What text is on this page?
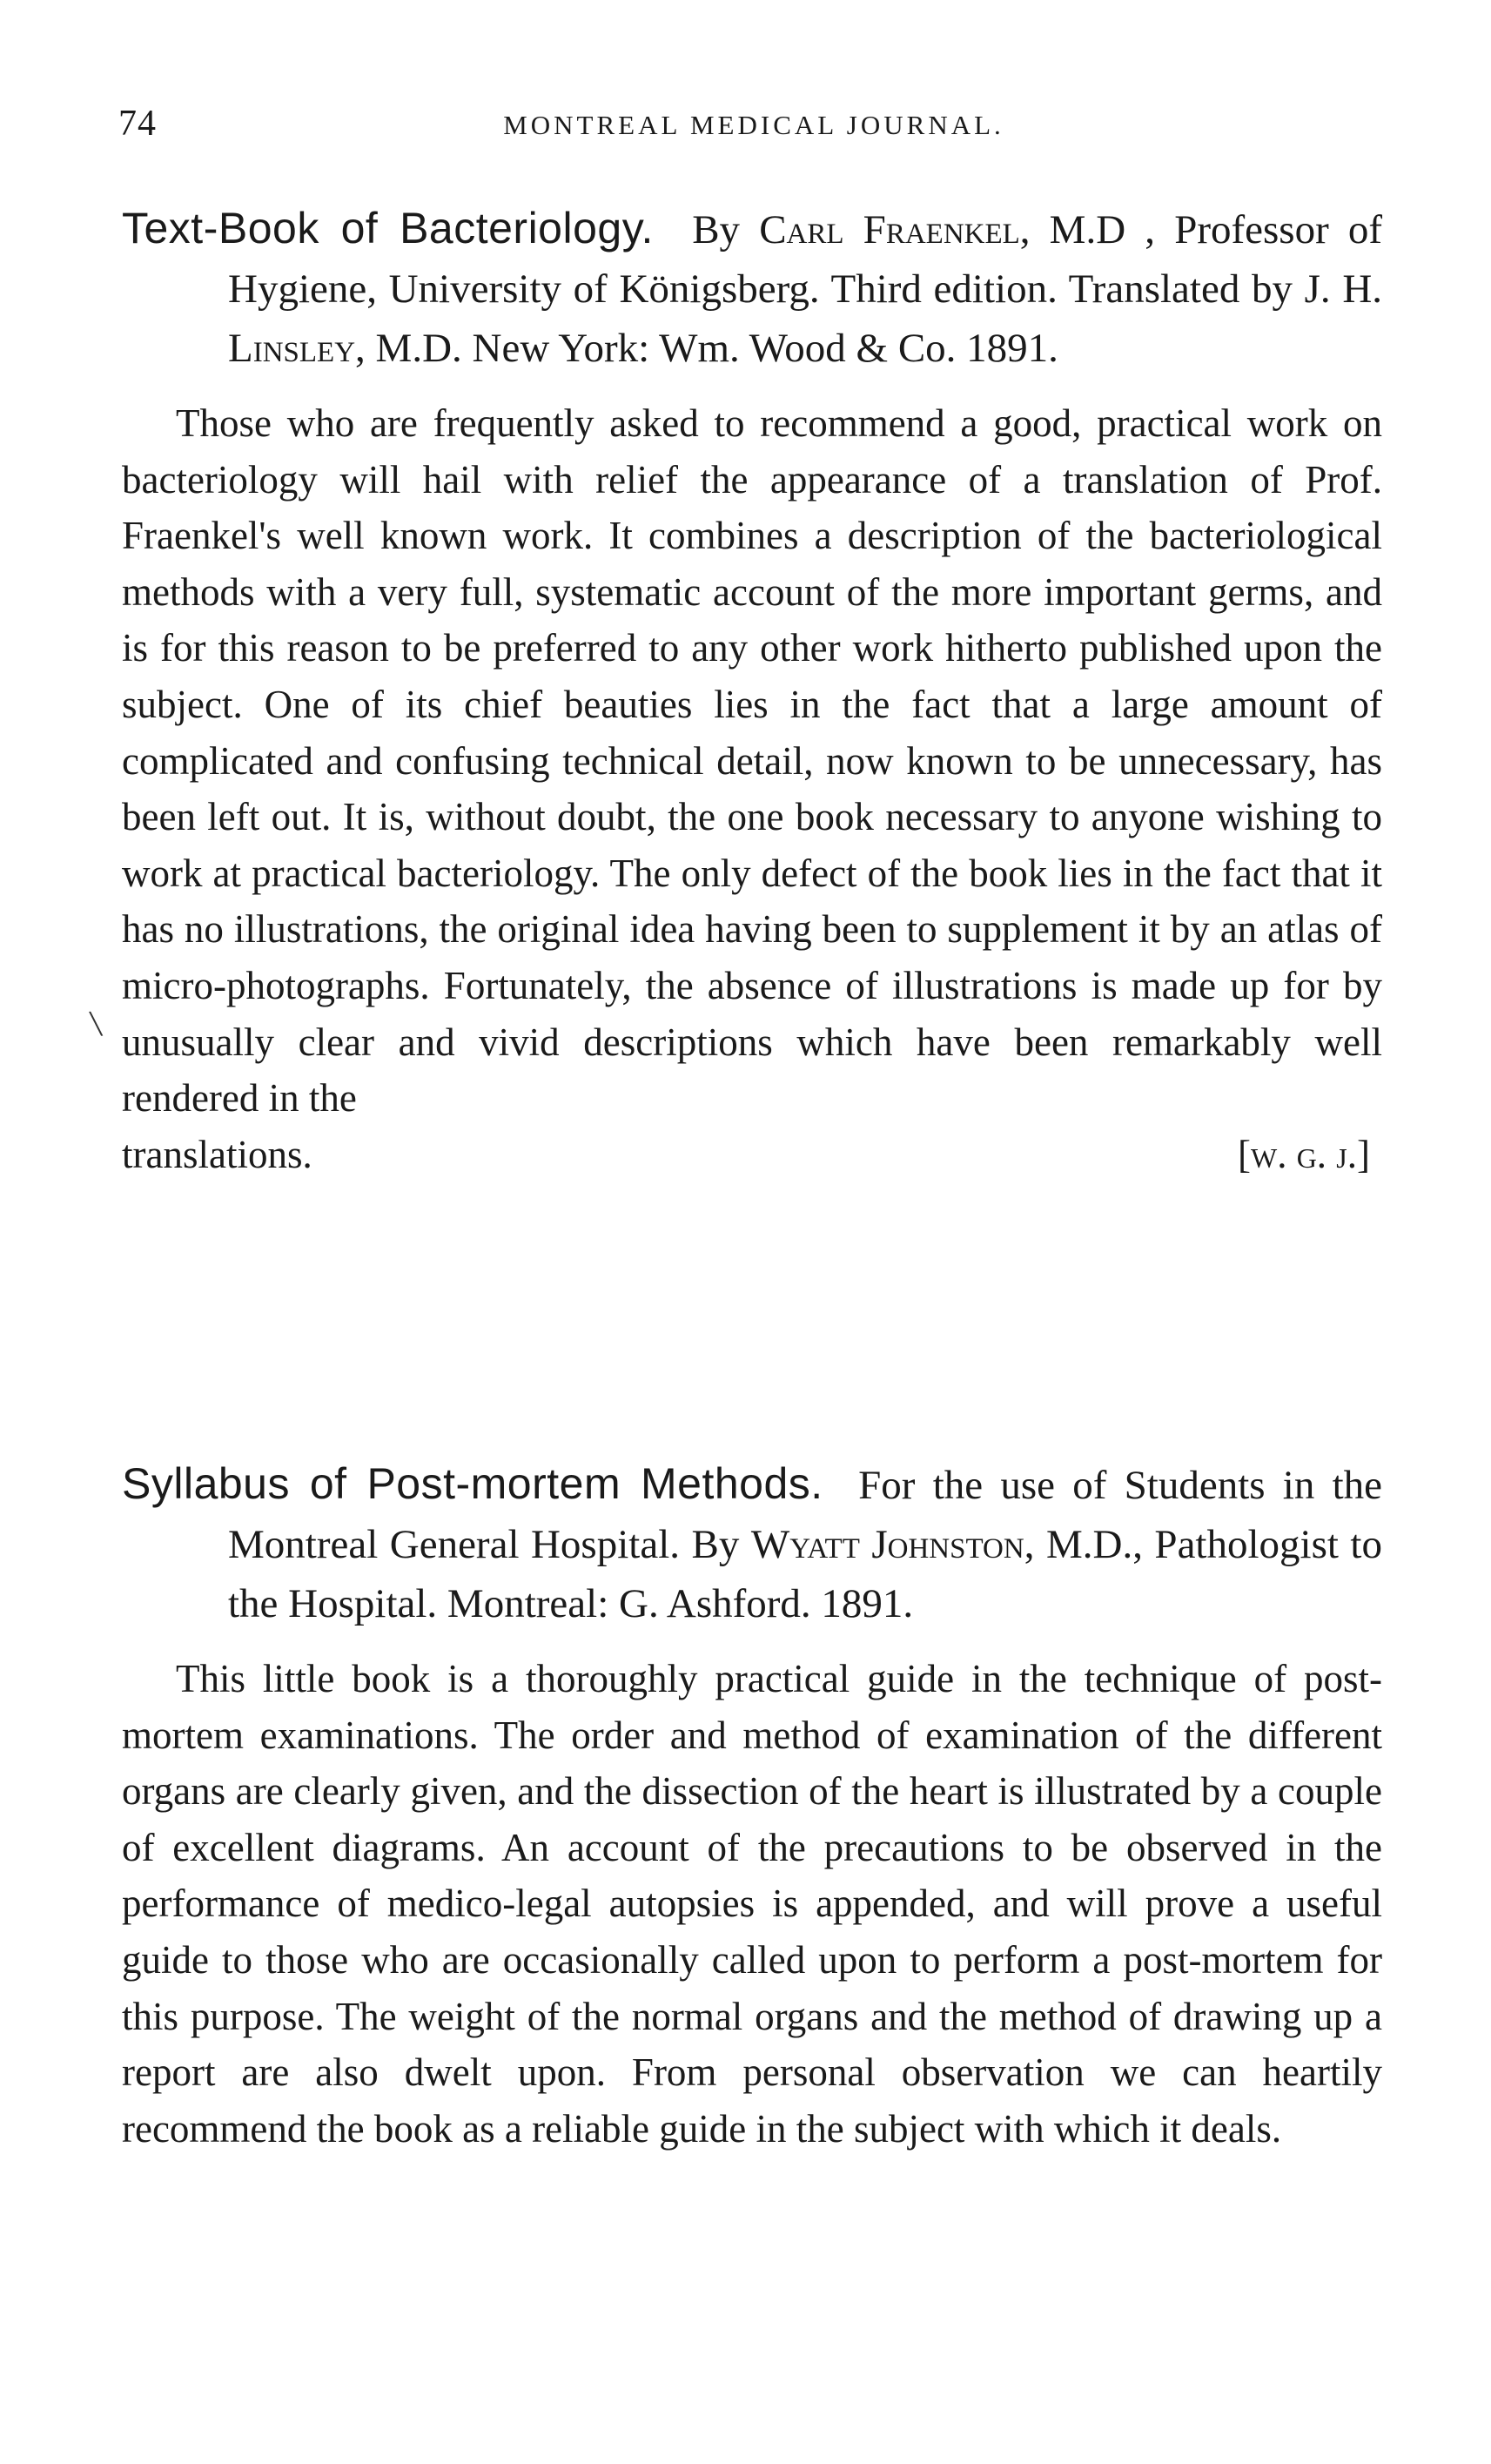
74	MONTREAL MEDICAL JOURNAL.
\

Text-Book of Bacteriology. By Carl Fraenkel, M.D , Professor of Hygiene, University of Königsberg. Third edition. Translated by J. H. Linsley, M.D. New York: Wm. Wood & Co. 1891.

Those who are frequently asked to recommend a good, practical work on bacteriology will hail with relief the appearance of a translation of Prof. Fraenkel's well known work. It combines a description of the bacteriological methods with a very full, systematic account of the more important germs, and is for this reason to be preferred to any other work hitherto published upon the subject. One of its chief beauties lies in the fact that a large amount of complicated and confusing technical detail, now known to be unnecessary, has been left out. It is, without doubt, the one book necessary to anyone wishing to work at practical bacteriology. The only defect of the book lies in the fact that it has no illustrations, the original idea having been to supplement it by an atlas of micro-photographs. Fortunately, the absence of illustrations is made up for by unusually clear and vivid descriptions which have been remarkably well rendered in the

translations.	[w. g. j.]

Syllabus of Post-mortem Methods. For the use of Students in the Montreal General Hospital. By Wyatt Johnston, M.D., Pathologist to the Hospital. Montreal: G. Ashford. 1891.

This little book is a thoroughly practical guide in the technique of post-mortem examinations. The order and method of examination of the different organs are clearly given, and the dissection of the heart is illustrated by a couple of excellent diagrams. An account of the precautions to be observed in the performance of medico-legal autopsies is appended, and will prove a useful guide to those who are occasionally called upon to perform a post-mortem for this purpose. The weight of the normal organs and the method of drawing up a report are also dwelt upon. From personal observation we can heartily recommend the book as a reliable guide in the subject with which it deals.
